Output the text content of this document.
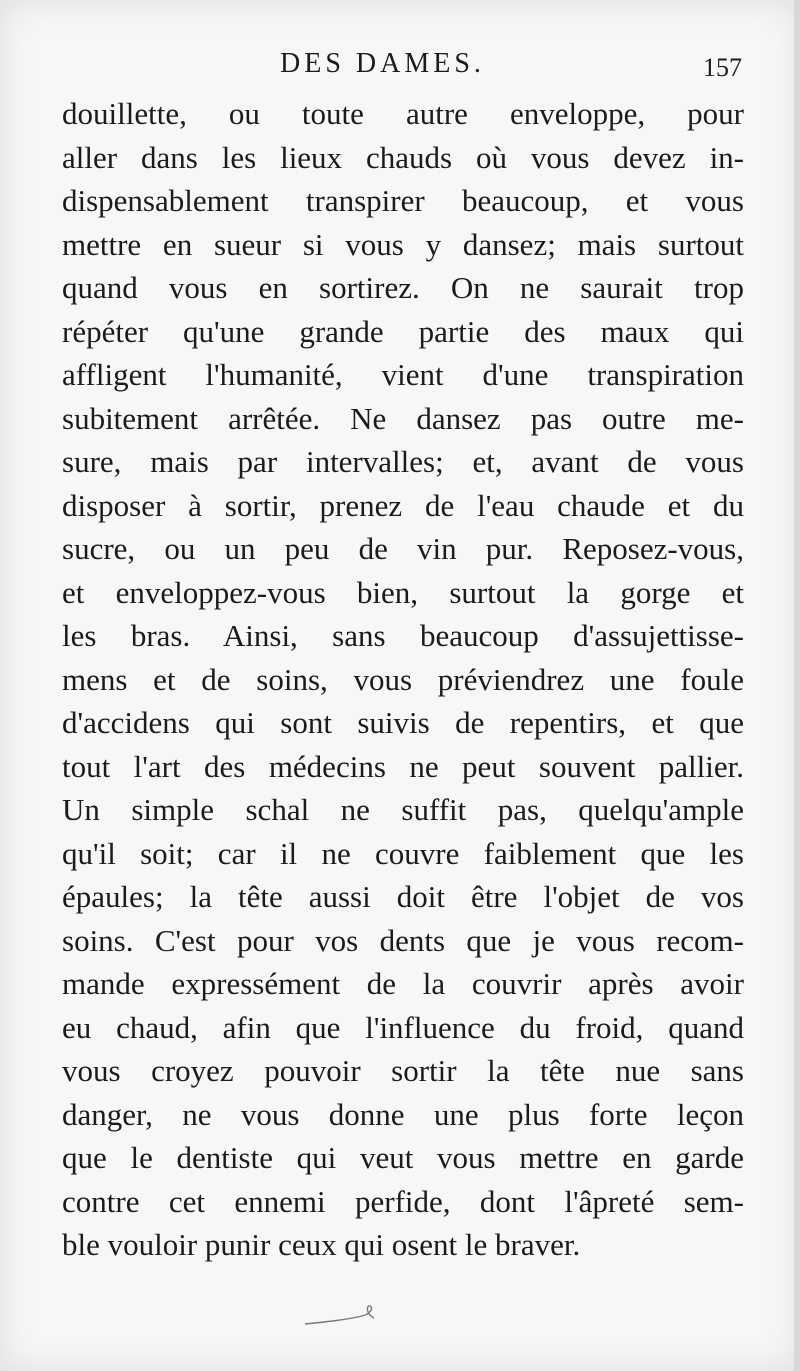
DES DAMES.	157
douillette, ou toute autre enveloppe, pour
aller dans les lieux chauds où vous devez in-
dispensablement transpirer beaucoup, et vous
mettre en sueur si vous y dansez; mais surtout
quand vous en sortirez. On ne saurait trop
répéter qu'une grande partie des maux qui
affligent l'humanité, vient d'une transpiration
subitement arrêtée. Ne dansez pas outre me-
sure, mais par intervalles; et, avant de vous
disposer à sortir, prenez de l'eau chaude et du
sucre, ou un peu de vin pur. Reposez-vous,
et enveloppez-vous bien, surtout la gorge et
les bras. Ainsi, sans beaucoup d'assujettisse-
mens et de soins, vous préviendrez une foule
d'accidens qui sont suivis de repentirs, et que
tout l'art des médecins ne peut souvent pallier.
Un simple schal ne suffit pas, quelqu'ample
qu'il soit; car il ne couvre faiblement que les
épaules; la tête aussi doit être l'objet de vos
soins. C'est pour vos dents que je vous recom-
mande expressément de la couvrir après avoir
eu chaud, afin que l'influence du froid, quand
vous croyez pouvoir sortir la tête nue sans
danger, ne vous donne une plus forte leçon
que le dentiste qui veut vous mettre en garde
contre cet ennemi perfide, dont l'âpreté sem-
ble vouloir punir ceux qui osent le braver.
